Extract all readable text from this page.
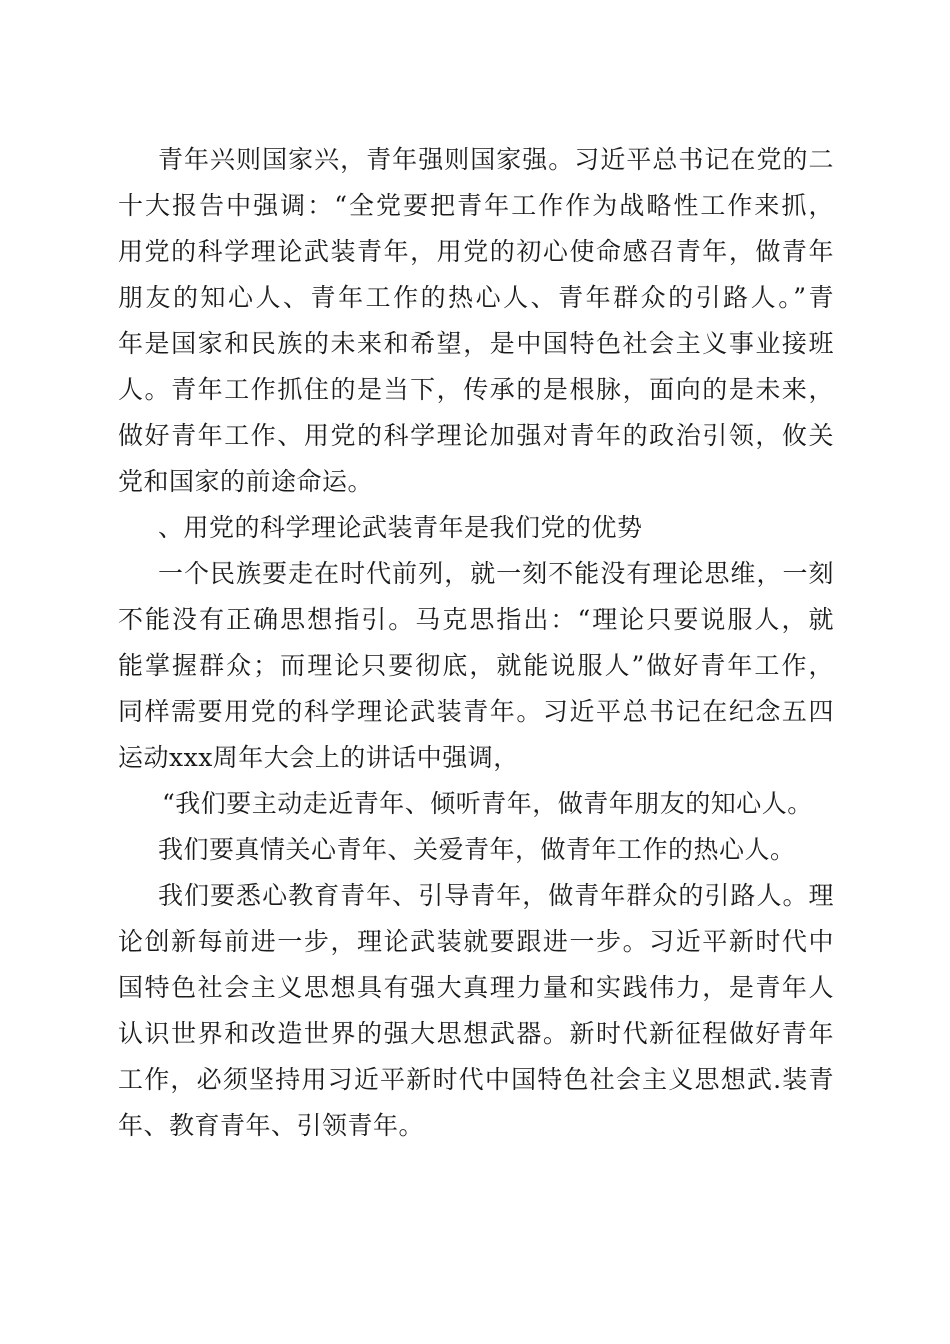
青年兴则国家兴，青年强则国家强。习近平总书记在党的二
十大报告中强调：“全党要把青年工作作为战略性工作来抓，
用党的科学理论武装青年，用党的初心使命感召青年，做青年
朋友的知心人、青年工作的热心人、青年群众的引路人。”青
年是国家和民族的未来和希望，是中国特色社会主义事业接班
人。青年工作抓住的是当下，传承的是根脉，面向的是未来，
做好青年工作、用党的科学理论加强对青年的政治引领，攸关
党和国家的前途命运。
、用党的科学理论武装青年是我们党的优势
一个民族要走在时代前列，就一刻不能没有理论思维，一刻
不能没有正确思想指引。马克思指出：“理论只要说服人，就
能掌握群众；而理论只要彻底，就能说服人”做好青年工作，
同样需要用党的科学理论武装青年。习近平总书记在纪念五四
运动xxx周年大会上的讲话中强调，
“我们要主动走近青年、倾听青年，做青年朋友的知心人。
我们要真情关心青年、关爱青年，做青年工作的热心人。
我们要悉心教育青年、引导青年，做青年群众的引路人。理
论创新每前进一步，理论武装就要跟进一步。习近平新时代中
国特色社会主义思想具有强大真理力量和实践伟力，是青年人
认识世界和改造世界的强大思想武器。新时代新征程做好青年
工作，必须坚持用习近平新时代中国特色社会主义思想武.装青
年、教育青年、引领青年。
